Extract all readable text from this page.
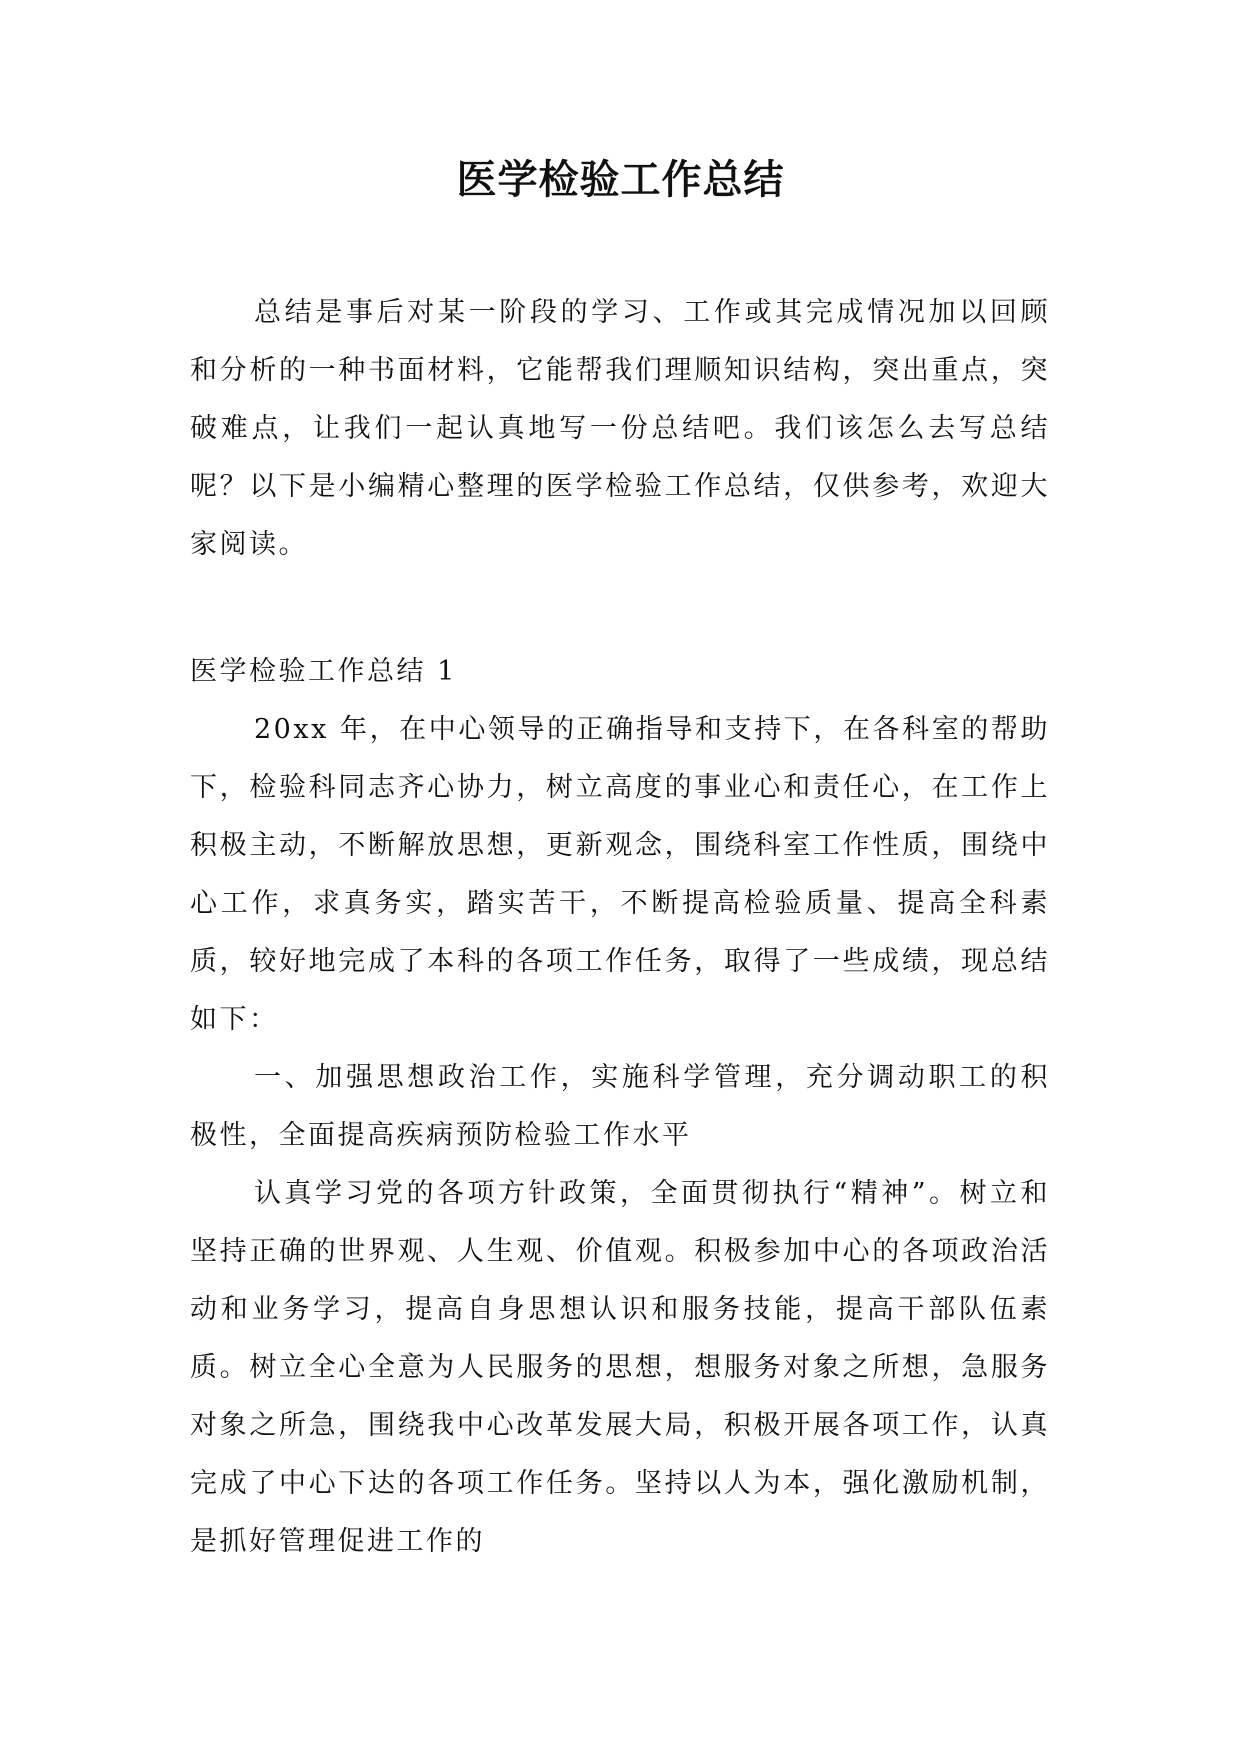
医学检验工作总结

总结是事后对某一阶段的学习、工作或其完成情况加以回顾和分析的一种书面材料，它能帮我们理顺知识结构，突出重点，突破难点，让我们一起认真地写一份总结吧。我们该怎么去写总结呢？以下是小编精心整理的医学检验工作总结，仅供参考，欢迎大家阅读。

医学检验工作总结 1

20xx 年，在中心领导的正确指导和支持下，在各科室的帮助下，检验科同志齐心协力，树立高度的事业心和责任心，在工作上积极主动，不断解放思想，更新观念，围绕科室工作性质，围绕中心工作，求真务实，踏实苦干，不断提高检验质量、提高全科素质，较好地完成了本科的各项工作任务，取得了一些成绩，现总结如下：

一、加强思想政治工作，实施科学管理，充分调动职工的积极性，全面提高疾病预防检验工作水平

认真学习党的各项方针政策，全面贯彻执行“精神”。树立和坚持正确的世界观、人生观、价值观。积极参加中心的各项政治活动和业务学习，提高自身思想认识和服务技能，提高干部队伍素质。树立全心全意为人民服务的思想，想服务对象之所想，急服务对象之所急，围绕我中心改革发展大局，积极开展各项工作，认真完成了中心下达的各项工作任务。坚持以人为本，强化激励机制，是抓好管理促进工作的
